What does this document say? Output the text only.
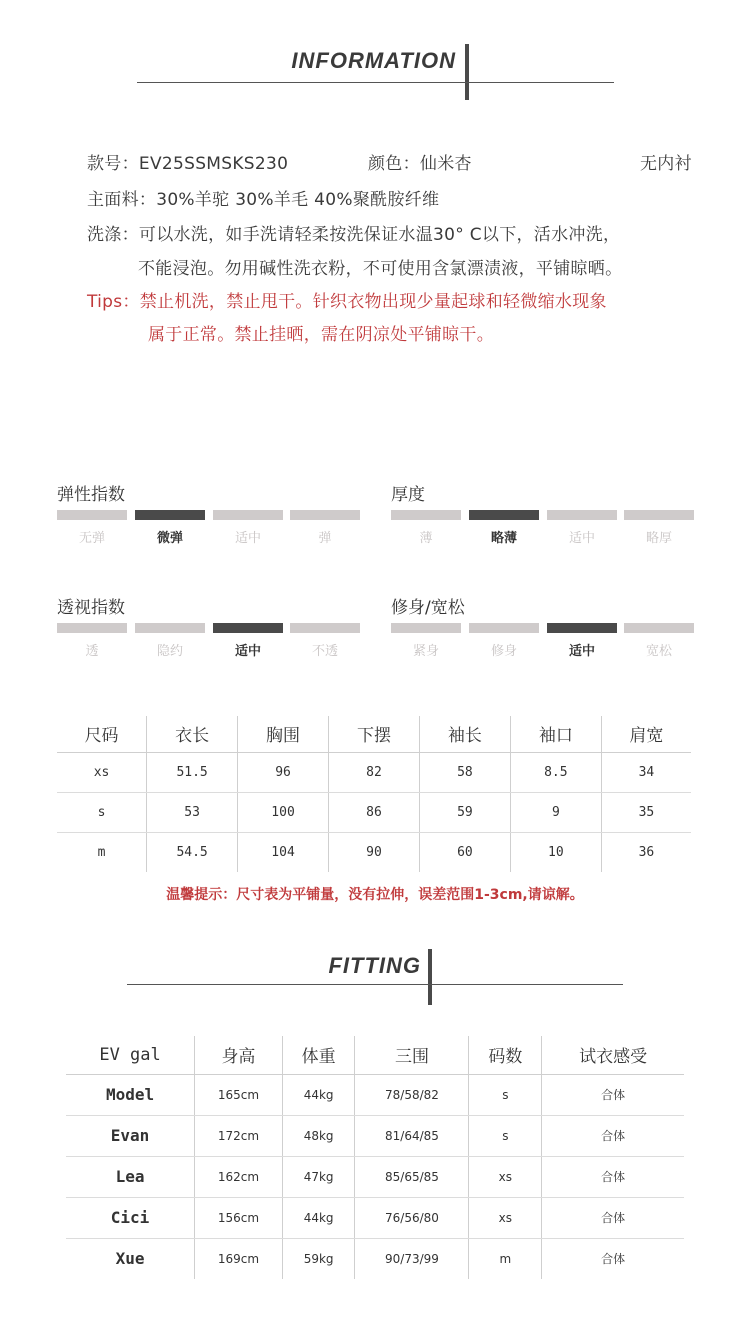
INFORMATION
款号：EV25SSMSKS230	颜色：仙米杏	无内衬
主面料：30%羊驼 30%羊毛 40%聚酰胺纤维
洗涤：可以水洗，如手洗请轻柔按洗保证水温30° C以下，活水冲洗，
不能浸泡。勿用碱性洗衣粉，不可使用含氯漂渍液，平铺晾晒。
Tips：禁止机洗，禁止甩干。针织衣物出现少量起球和轻微缩水现象
属于正常。禁止挂晒，需在阴凉处平铺晾干。
弹性指数
无弹	微弹	适中	弹
厚度
薄	略薄	适中	略厚
透视指数
透	隐约	适中	不透
修身/宽松
紧身	修身	适中	宽松
尺码	衣长	胸围	下摆	袖长	袖口	肩宽
xs	51.5	96	82	58	8.5	34
s	53	100	86	59	9	35
m	54.5	104	90	60	10	36
温馨提示：尺寸表为平铺量，没有拉伸，误差范围1-3cm,请谅解。
FITTING
EV gal	身高	体重	三围	码数	试衣感受
Model	165cm	44kg	78/58/82	s	合体
Evan	172cm	48kg	81/64/85	s	合体
Lea	162cm	47kg	85/65/85	xs	合体
Cici	156cm	44kg	76/56/80	xs	合体
Xue	169cm	59kg	90/73/99	m	合体
